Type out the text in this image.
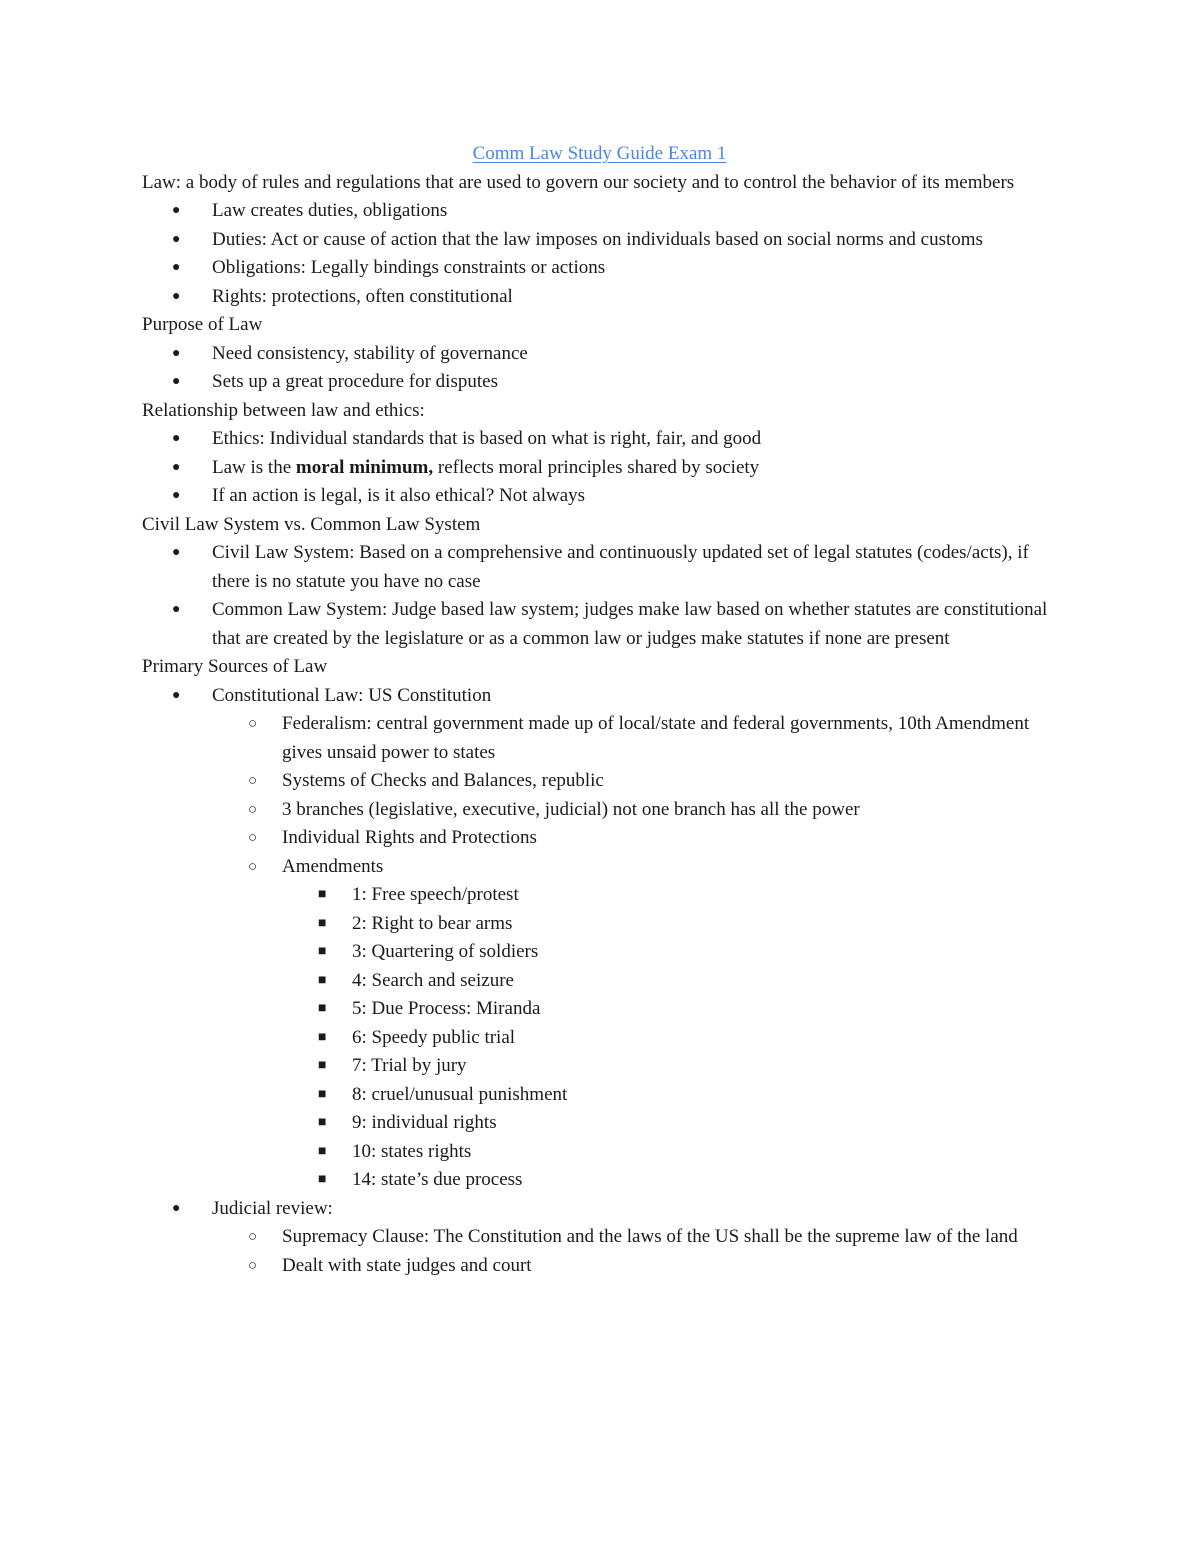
Comm Law Study Guide Exam 1

Law: a body of rules and regulations that are used to govern our society and to control the behavior of its members

● Law creates duties, obligations
● Duties: Act or cause of action that the law imposes on individuals based on social norms and customs
● Obligations: Legally bindings constraints or actions
● Rights: protections, often constitutional

Purpose of Law

● Need consistency, stability of governance
● Sets up a great procedure for disputes

Relationship between law and ethics:

● Ethics: Individual standards that is based on what is right, fair, and good
● Law is the moral minimum, reflects moral principles shared by society
● If an action is legal, is it also ethical? Not always

Civil Law System vs. Common Law System

● Civil Law System: Based on a comprehensive and continuously updated set of legal statutes (codes/acts), if there is no statute you have no case
● Common Law System: Judge based law system; judges make law based on whether statutes are constitutional that are created by the legislature or as a common law or judges make statutes if none are present

Primary Sources of Law

● Constitutional Law: US Constitution
○ Federalism: central government made up of local/state and federal governments, 10th Amendment gives unsaid power to states
○ Systems of Checks and Balances, republic
○ 3 branches (legislative, executive, judicial) not one branch has all the power
○ Individual Rights and Protections
○ Amendments
■ 1: Free speech/protest
■ 2: Right to bear arms
■ 3: Quartering of soldiers
■ 4: Search and seizure
■ 5: Due Process: Miranda
■ 6: Speedy public trial
■ 7: Trial by jury
■ 8: cruel/unusual punishment
■ 9: individual rights
■ 10: states rights
■ 14: state’s due process
● Judicial review:
○ Supremacy Clause: The Constitution and the laws of the US shall be the supreme law of the land
○ Dealt with state judges and court
